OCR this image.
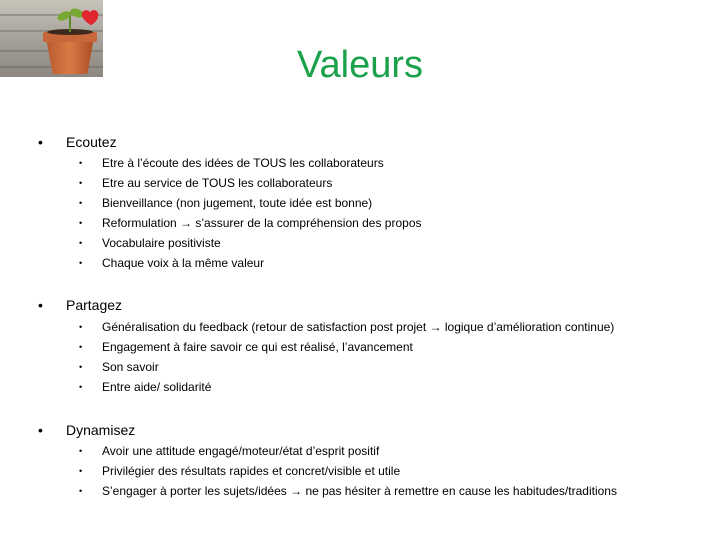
Valeurs
• Ecoutez
• Etre à l’écoute des idées de TOUS les collaborateurs
• Etre au service de TOUS les collaborateurs
• Bienveillance (non jugement, toute idée est bonne)
• Reformulation → s’assurer de la compréhension des propos
• Vocabulaire positiviste
• Chaque voix à la même valeur
• Partagez
• Généralisation du feedback (retour de satisfaction post projet → logique d’amélioration continue)
• Engagement à faire savoir ce qui est réalisé, l’avancement
• Son savoir
• Entre aide/ solidarité
• Dynamisez
• Avoir une attitude engagé/moteur/état d’esprit positif
• Privilégier des résultats rapides et concret/visible et utile
• S’engager à porter les sujets/idées → ne pas hésiter à remettre en cause les habitudes/traditions
